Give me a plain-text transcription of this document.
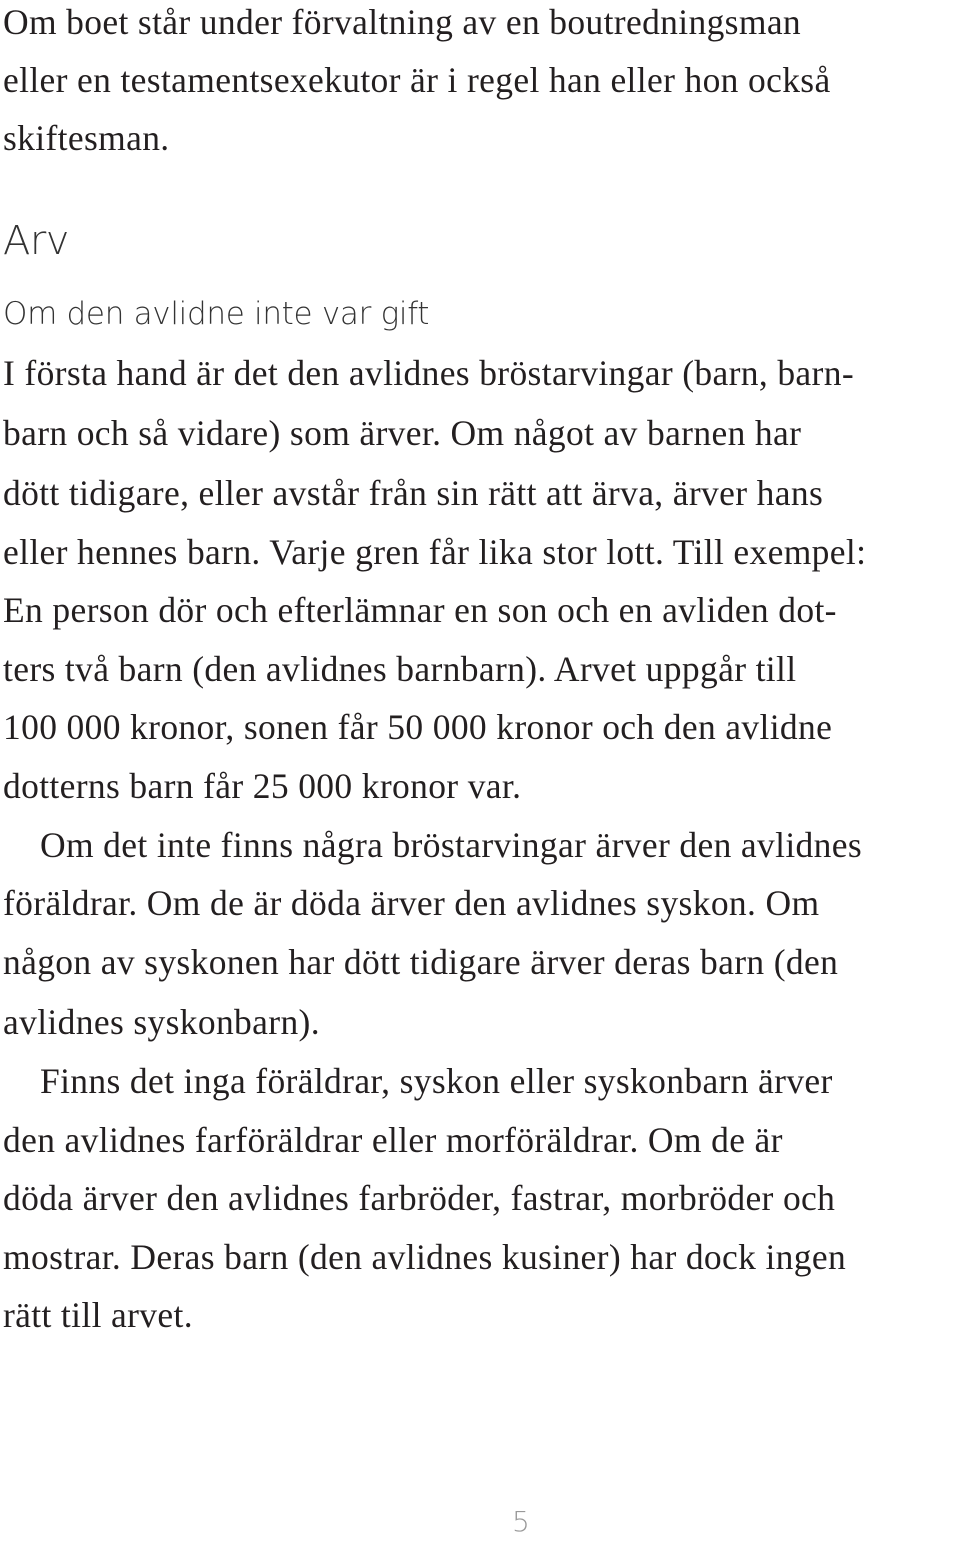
Arv
Om den avlidne inte var gift
5
Om boet står under förvaltning av en boutredningsman
eller en testamentsexekutor är i regel han eller hon också
skiftesman.
I första hand är det den avlidnes bröstarvingar (barn, barn-
barn och så vidare) som ärver. Om något av barnen har
dött tidigare, eller avstår från sin rätt att ärva, ärver hans
eller hennes barn. Varje gren får lika stor lott. Till exempel:
En person dör och efterlämnar en son och en avliden dot-
ters två barn (den avlidnes barnbarn). Arvet uppgår till
100 000 kronor, sonen får 50 000 kronor och den avlidne
dotterns barn får 25 000 kronor var.
Om det inte finns några bröstarvingar ärver den avlidnes
föräldrar. Om de är döda ärver den avlidnes syskon. Om
någon av syskonen har dött tidigare ärver deras barn (den
avlidnes syskonbarn).
Finns det inga föräldrar, syskon eller syskonbarn ärver
den avlidnes farföräldrar eller morföräldrar. Om de är
döda ärver den avlidnes farbröder, fastrar, morbröder och
mostrar. Deras barn (den avlidnes kusiner) har dock ingen
rätt till arvet.
